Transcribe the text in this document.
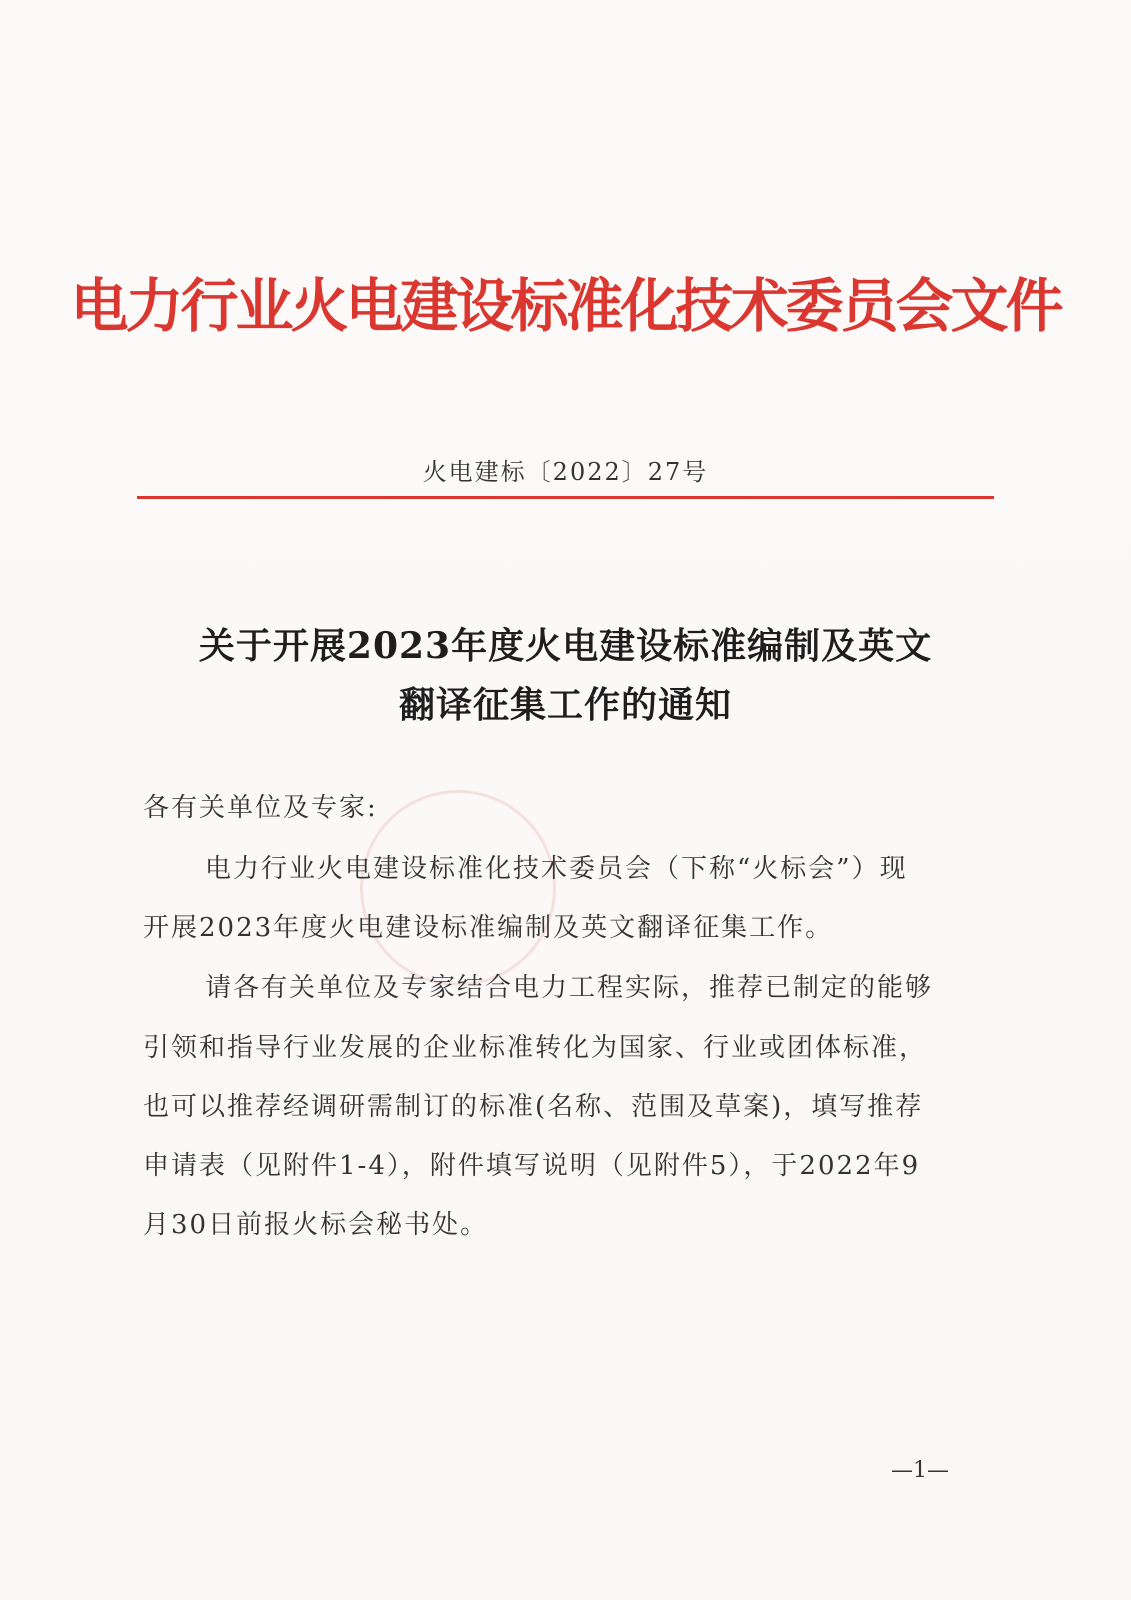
电力行业火电建设标准化技术委员会文件
火电建标〔2022〕27号
关于开展2023年度火电建设标准编制及英文
翻译征集工作的通知
各有关单位及专家:
电力行业火电建设标准化技术委员会（下称“火标会”）现
开展2023年度火电建设标准编制及英文翻译征集工作。
请各有关单位及专家结合电力工程实际，推荐已制定的能够
引领和指导行业发展的企业标准转化为国家、行业或团体标准，
也可以推荐经调研需制订的标准(名称、范围及草案)，填写推荐
申请表（见附件1-4），附件填写说明（见附件5），于2022年9
月30日前报火标会秘书处。
—1—
